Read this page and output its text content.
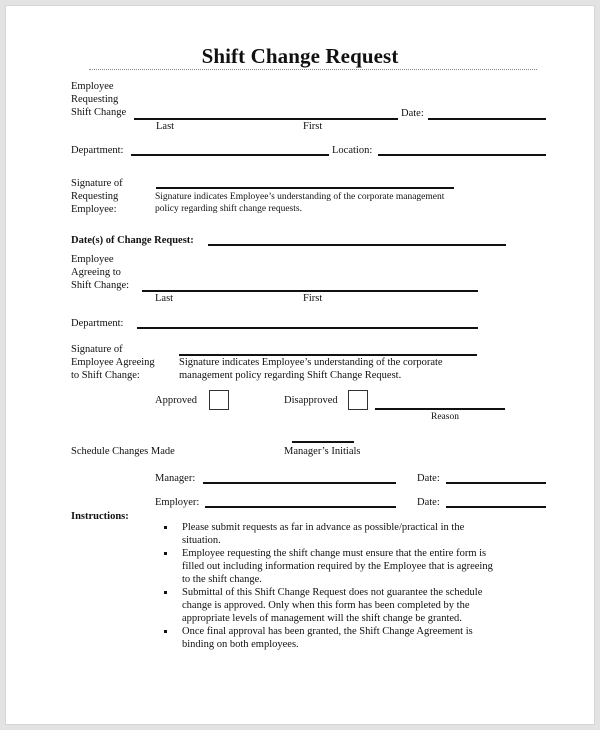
Shift Change Request
Employee
Requesting
Shift Change	Date:
Last	First
Department:	Location:
Signature of
Requesting
Employee:
Signature indicates Employee’s understanding of the corporate management
policy regarding shift change requests.
Date(s) of Change Request:
Employee
Agreeing to
Shift Change:
Last	First
Department:
Signature of
Employee Agreeing
to Shift Change:
Signature indicates Employee’s understanding of the corporate
management policy regarding Shift Change Request.
Approved	Disapproved
Reason
Schedule Changes Made	Manager’s Initials
Manager:	Date:
Employer:	Date:
Instructions:
Please submit requests as far in advance as possible/practical in the situation.
Employee requesting the shift change must ensure that the entire form is filled out including information required by the Employee that is agreeing to the shift change.
Submittal of this Shift Change Request does not guarantee the schedule change is approved. Only when this form has been completed by the appropriate levels of management will the shift change be granted.
Once final approval has been granted, the Shift Change Agreement is binding on both employees.
